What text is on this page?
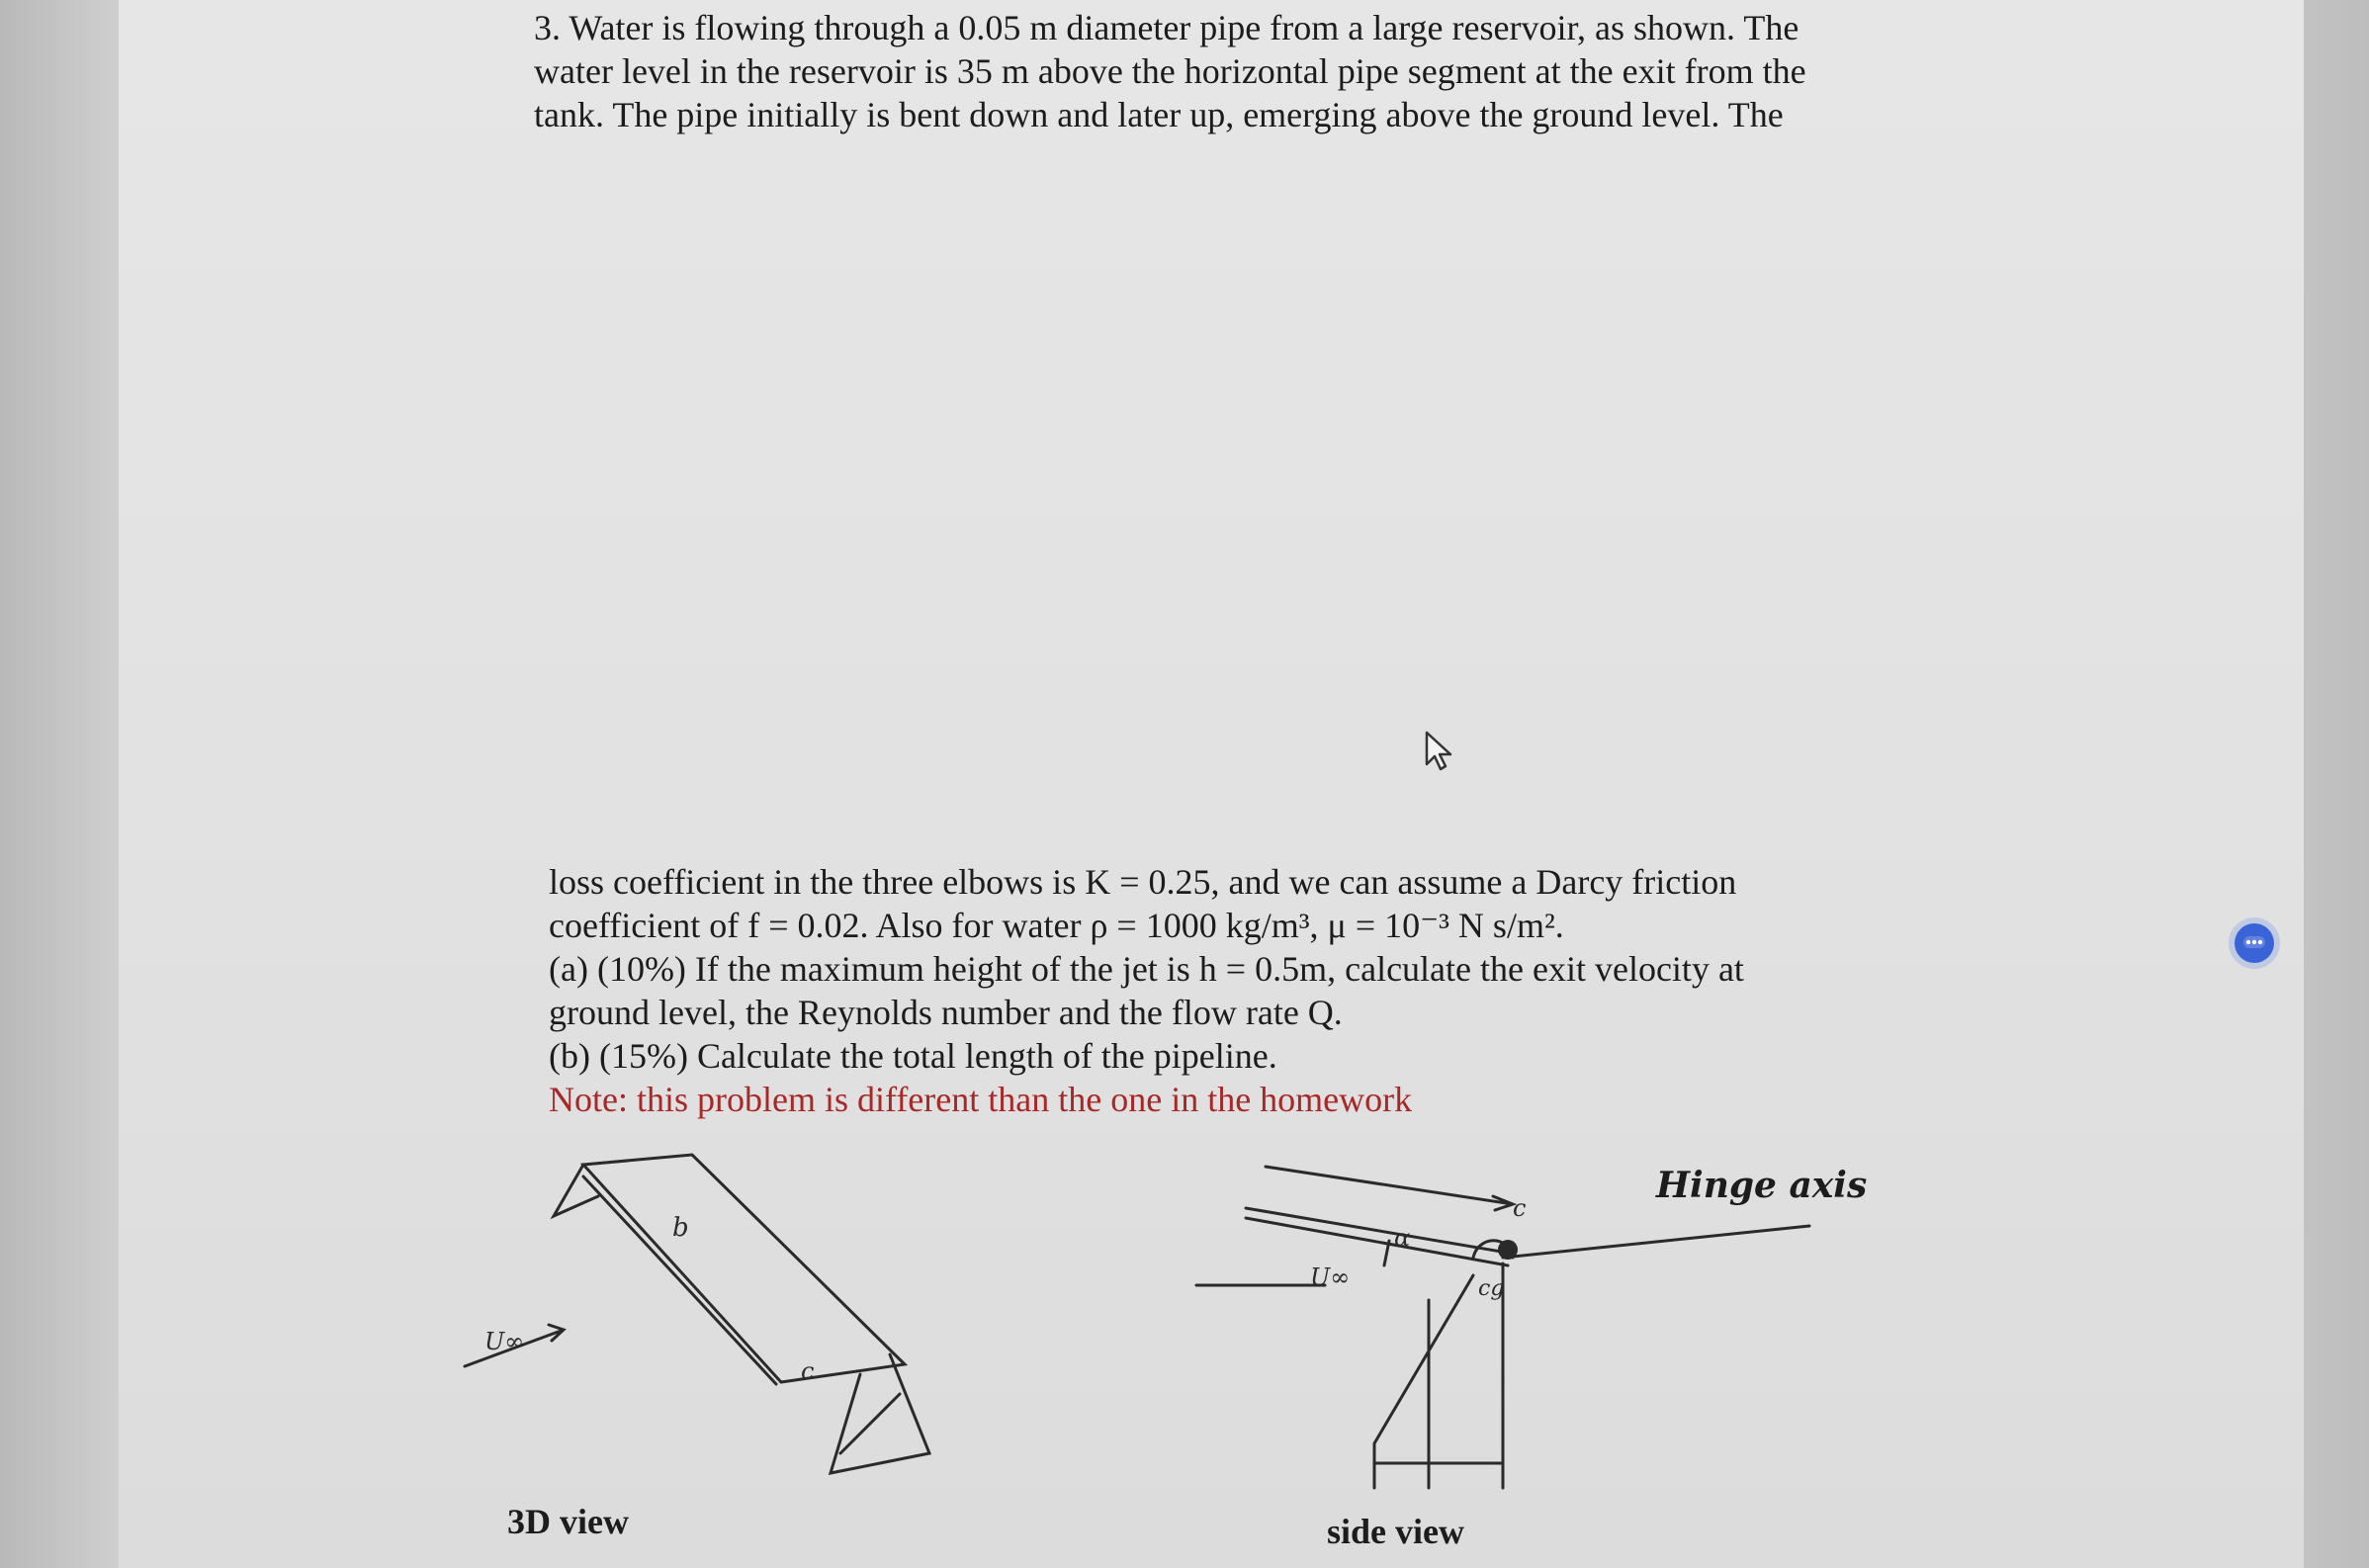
3. Water is flowing through a 0.05 m diameter pipe from a large reservoir, as shown. The
water level in the reservoir is 35 m above the horizontal pipe segment at the exit from the
tank. The pipe initially is bent down and later up, emerging above the ground level. The
loss coefficient in the three elbows is K = 0.25, and we can assume a Darcy friction
coefficient of f = 0.02. Also for water ρ = 1000 kg/m³, μ = 10⁻³ N s/m².
(a) (10%) If the maximum height of the jet is h = 0.5m, calculate the exit velocity at
ground level, the Reynolds number and the flow rate Q.
(b) (15%) Calculate the total length of the pipeline.
Note: this problem is different than the one in the homework
U∞
b
c
U∞
α
cg
c
3D view	side view
Hinge axis
